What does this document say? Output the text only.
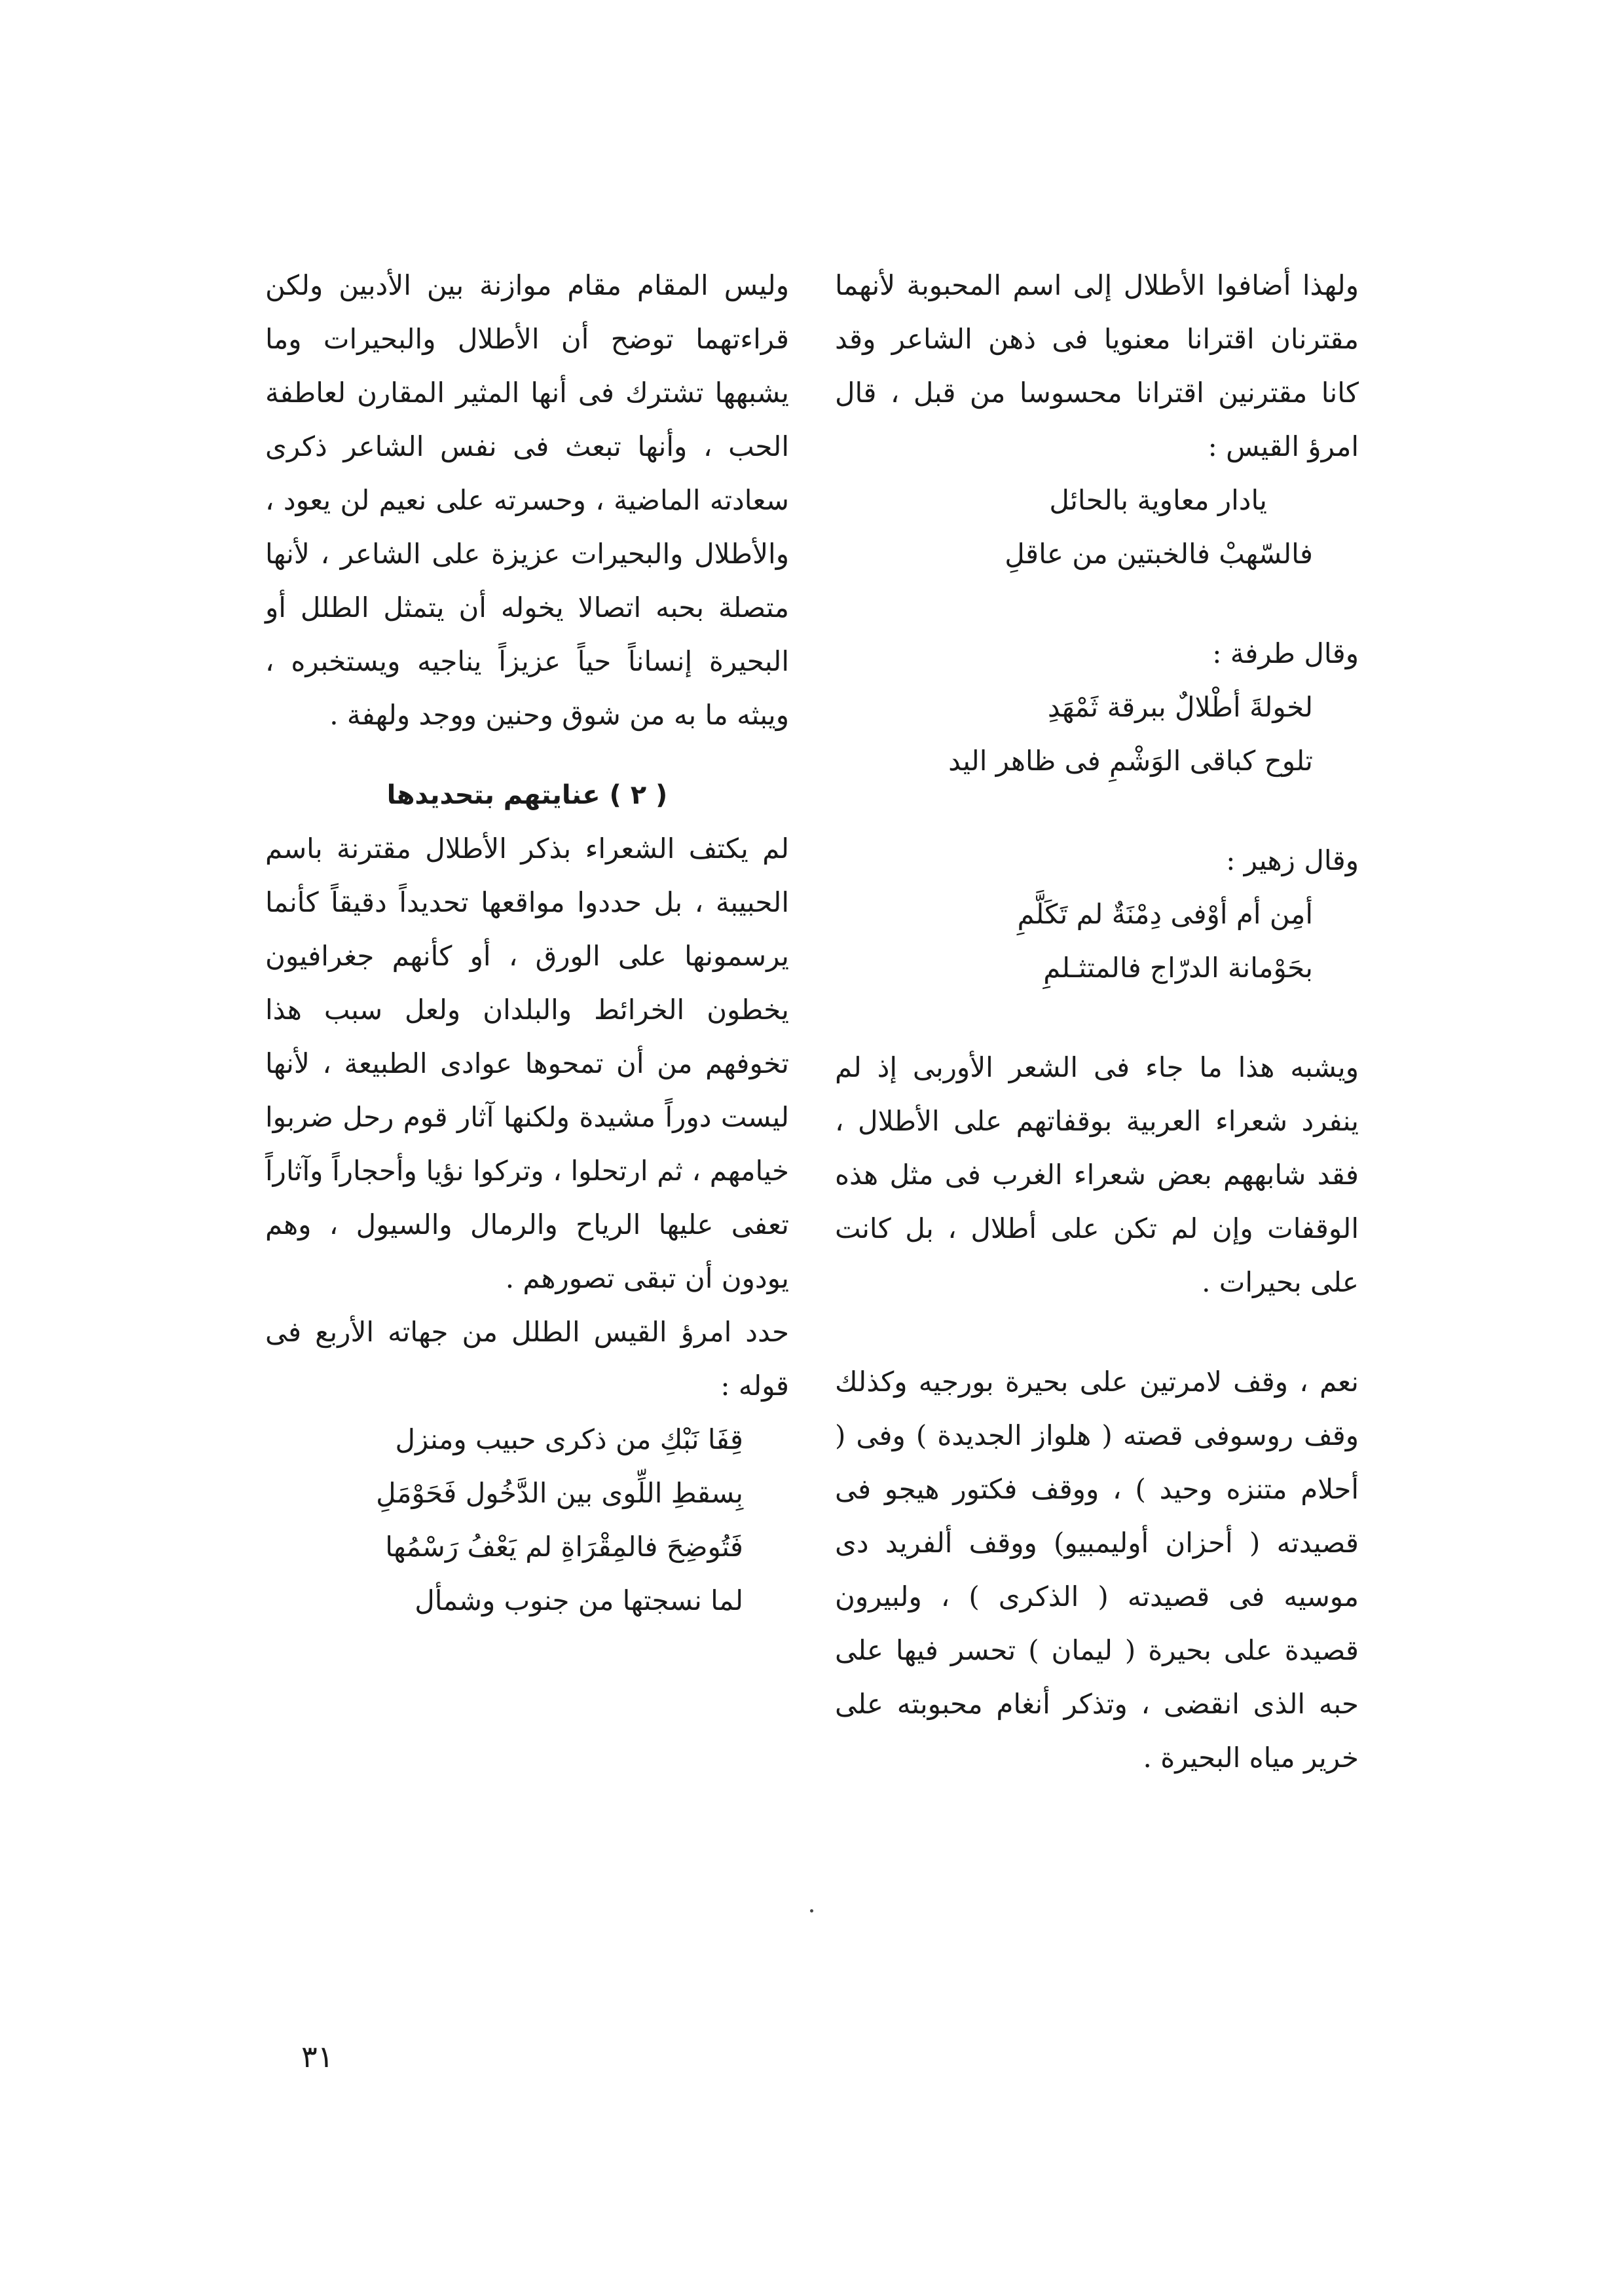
ولهذا أضافوا الأطلال إلى اسم المحبوبة لأنهما مقترنان اقترانا معنويا فى ذهن الشاعر وقد كانا مقترنين اقترانا محسوسا من قبل ، قال امرؤ القيس :

يادار معاوية بالحائل

فالسّهبْ فالخبتين من عاقلِ

وقال طرفة :

لخولةَ أطْلالٌ ببرقة ثَمْهَدِ

تلوح كباقى الوَشْمِ فى ظاهر اليد

وقال زهير :

أمِن أم أوْفى دِمْنَةٌ لم تَكَلَّمِ

بحَوْمانة الدرّاج فالمتثـلمِ

ويشبه هذا ما جاء فى الشعر الأوربى إذ لم ينفرد شعراء العربية بوقفاتهم على الأطلال ، فقد شابههم بعض شعراء الغرب فى مثل هذه الوقفات وإن لم تكن على أطلال ، بل كانت على بحيرات .

نعم ، وقف لامرتين على بحيرة بورجيه وكذلك وقف روسوفى قصته ( هلواز الجديدة ) وفى ( أحلام متنزه وحيد ) ، ووقف فكتور هيجو فى قصيدته ( أحزان أوليمبيو) ووقف ألفريد دى موسيه فى قصيدته ( الذكرى ) ، ولبيرون قصيدة على بحيرة ( ليمان ) تحسر فيها على حبه الذى انقضى ، وتذكر أنغام محبوبته على خرير مياه البحيرة .

وليس المقام مقام موازنة بين الأدبين ولكن قراءتهما توضح أن الأطلال والبحيرات وما يشبهها تشترك فى أنها المثير المقارن لعاطفة الحب ، وأنها تبعث فى نفس الشاعر ذكرى سعادته الماضية ، وحسرته على نعيم لن يعود ، والأطلال والبحيرات عزيزة على الشاعر ، لأنها متصلة بحبه اتصالا يخوله أن يتمثل الطلل أو البحيرة إنساناً حياً عزيزاً يناجيه ويستخبره ، ويبثه ما به من شوق وحنين ووجد ولهفة .

( ٢ ) عنايتهم بتحديدها

لم يكتف الشعراء بذكر الأطلال مقترنة باسم الحبيبة ، بل حددوا مواقعها تحديداً دقيقاً كأنما يرسمونها على الورق ، أو كأنهم جغرافيون يخطون الخرائط والبلدان ولعل سبب هذا تخوفهم من أن تمحوها عوادى الطبيعة ، لأنها ليست دوراً مشيدة ولكنها آثار قوم رحل ضربوا خيامهم ، ثم ارتحلوا ، وتركوا نؤيا وأحجاراً وآثاراً تعفى عليها الرياح والرمال والسيول ، وهم يودون أن تبقى تصورهم .

حدد امرؤ القيس الطلل من جهاته الأربع فى قوله :

قِفَا نَبْكِ من ذكرى حبيب ومنزل

بِسقطِ اللِّوى بين الدَّخُول فَحَوْمَلِ

فَتُوضِحَ فالمِقْرَاةِ لم يَعْفُ رَسْمُها

لما نسجتها من جنوب وشمأل

٣١
